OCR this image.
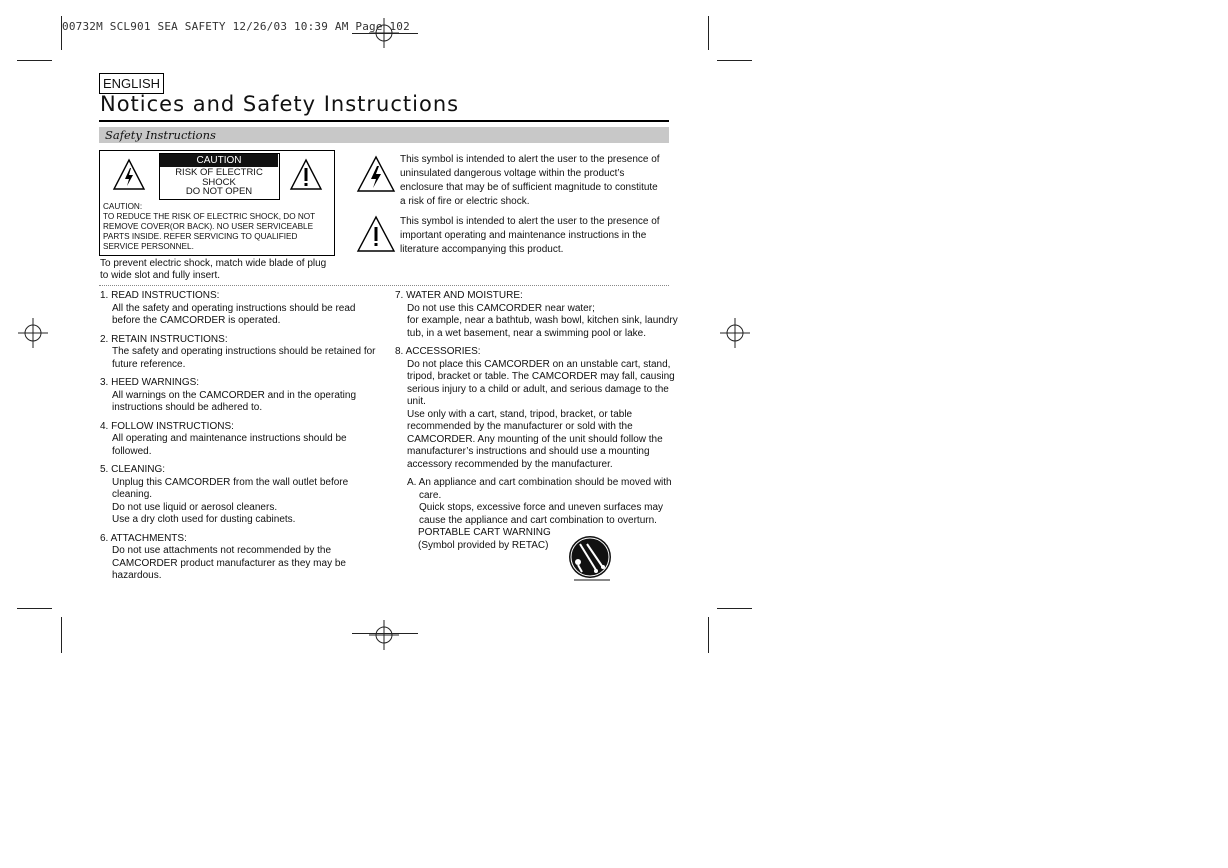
00732M SCL901 SEA SAFETY 12/26/03 10:39 AM Page 102
ENGLISH
Notices and Safety Instructions
Safety Instructions
CAUTION
RISK OF ELECTRIC
SHOCK
DO NOT OPEN
CAUTION:
TO REDUCE THE RISK OF ELECTRIC SHOCK, DO NOT REMOVE COVER(OR BACK). NO USER SERVICEABLE PARTS INSIDE. REFER SERVICING TO QUALIFIED SERVICE PERSONNEL.
To prevent electric shock, match wide blade of plug
to wide slot and fully insert.
This symbol is intended to alert the user to the presence of
uninsulated dangerous voltage within the product’s
enclosure that may be of sufficient magnitude to constitute
a risk of fire or electric shock.
This symbol is intended to alert the user to the presence of
important operating and maintenance instructions in the
literature accompanying this product.
1. READ INSTRUCTIONS:
All the safety and operating instructions should be read
before the CAMCORDER is operated.
2. RETAIN INSTRUCTIONS:
The safety and operating instructions should be retained for
future reference.
3. HEED WARNINGS:
All warnings on the CAMCORDER and in the operating
instructions should be adhered to.
4. FOLLOW INSTRUCTIONS:
All operating and maintenance instructions should be
followed.
5. CLEANING:
Unplug this CAMCORDER from the wall outlet before
cleaning.
Do not use liquid or aerosol cleaners.
Use a dry cloth used for dusting cabinets.
6. ATTACHMENTS:
Do not use attachments not recommended by the
CAMCORDER product manufacturer as they may be
hazardous.
7. WATER AND MOISTURE:
Do not use this CAMCORDER near water;
for example, near a bathtub, wash bowl, kitchen sink, laundry
tub, in a wet basement, near a swimming pool or lake.
8. ACCESSORIES:
Do not place this CAMCORDER on an unstable cart, stand,
tripod, bracket or table. The CAMCORDER may fall, causing
serious injury to a child or adult, and serious damage to the
unit.
Use only with a cart, stand, tripod, bracket, or table
recommended by the manufacturer or sold with the
CAMCORDER. Any mounting of the unit should follow the
manufacturer’s instructions and should use a mounting
accessory recommended by the manufacturer.
A. An appliance and cart combination should be moved with
care.
Quick stops, excessive force and uneven surfaces may
cause the appliance and cart combination to overturn.
PORTABLE CART WARNING
(Symbol provided by RETAC)
